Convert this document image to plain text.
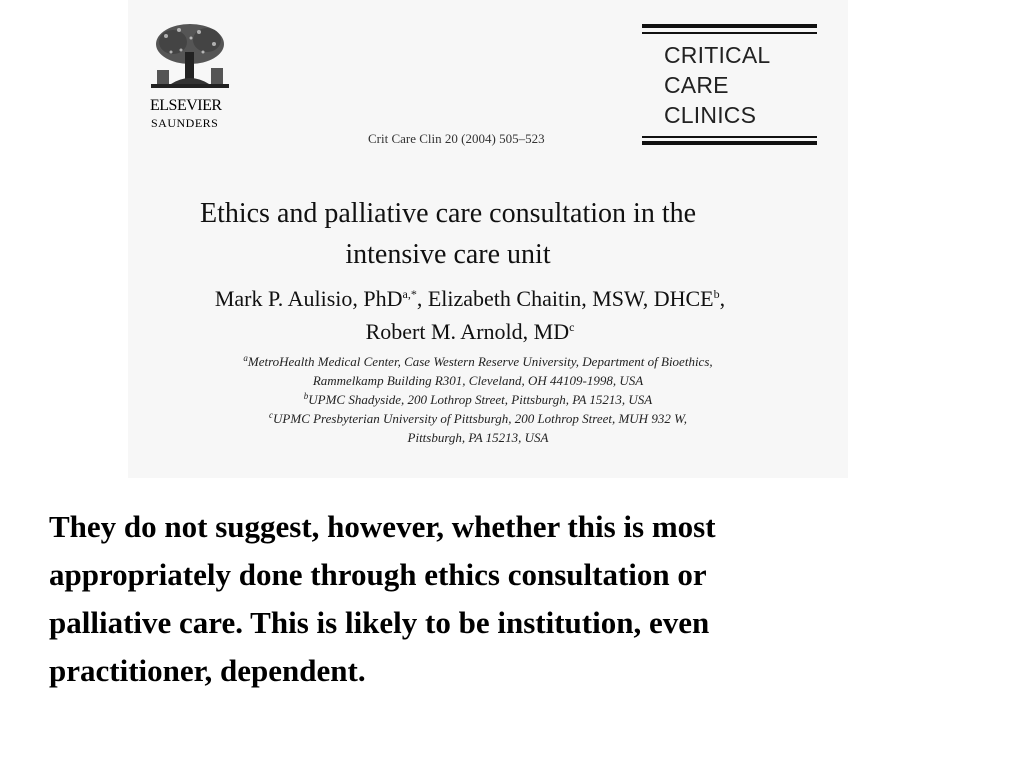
ELSEVIER
SAUNDERS
Crit Care Clin 20 (2004) 505–523
CRITICAL
CARE
CLINICS
Ethics and palliative care consultation in the
intensive care unit
Mark P. Aulisio, PhD$^{a,*}$, Elizabeth Chaitin, MSW, DHCE$^b$,
Robert M. Arnold, $MD^c$
$^a$MetroHealth Medical Center, Case Western Reserve University, Department of Bioethics,
Rammelkamp Building R301, Cleveland, OH 44109-1998, USA
$^b$UPMC Shadyside, 200 Lothrop Street, Pittsburgh, PA 15213, USA
$^c$UPMC Presbyterian University of Pittsburgh, 200 Lothrop Street, MUH 932 W,
Pittsburgh, PA 15213, USA
They do not suggest, however, whether this is most
appropriately done through ethics consultation or
palliative care. This is likely to be institution, even
practitioner, dependent.
